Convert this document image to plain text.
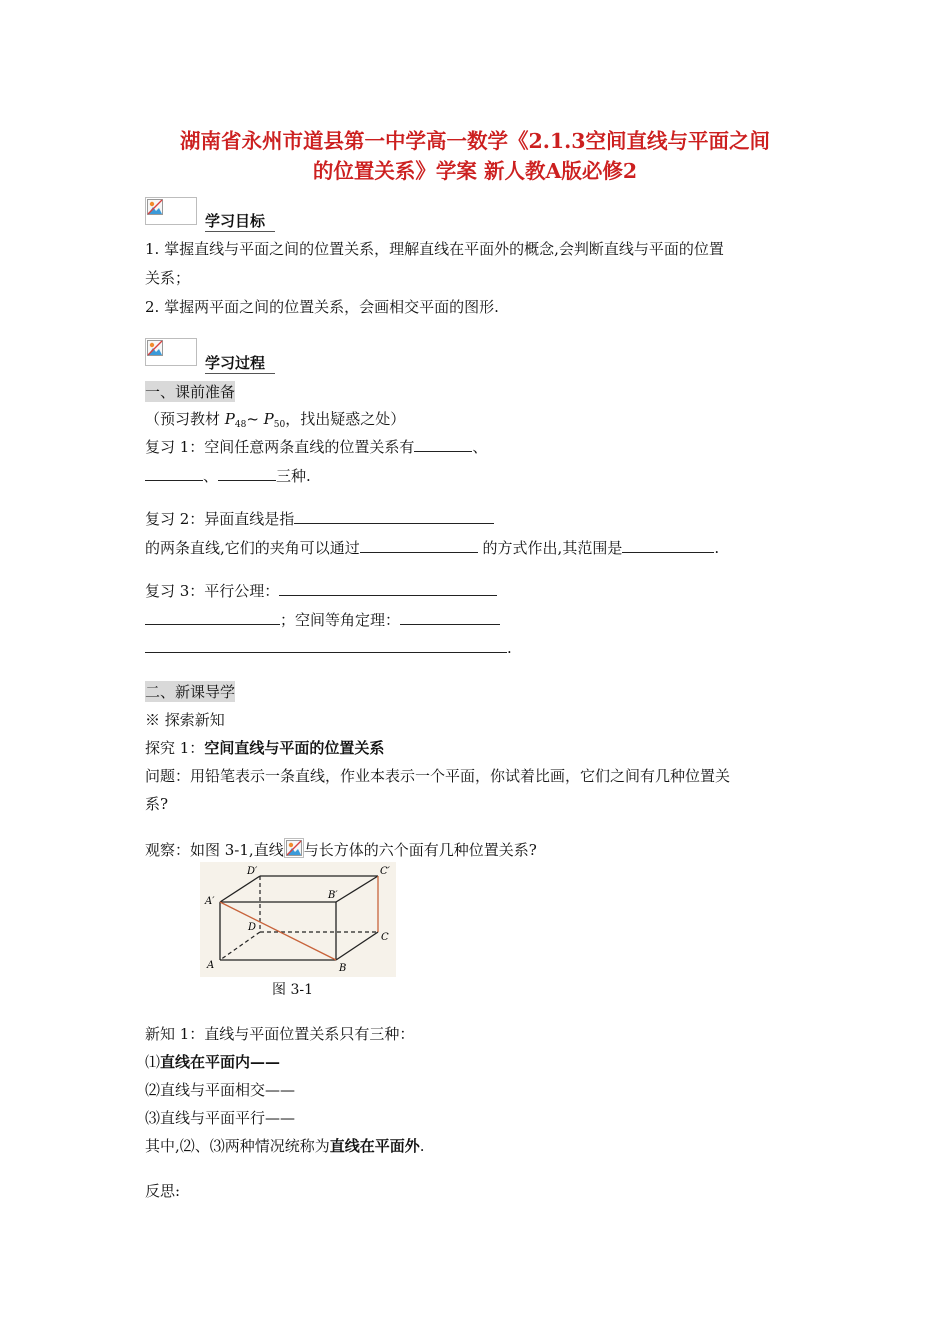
湖南省永州市道县第一中学高一数学《2.1.3空间直线与平面之间
的位置关系》学案 新人教A版必修2
学习目标
1. 掌握直线与平面之间的位置关系，理解直线在平面外的概念,会判断直线与平面的位置
关系；
2. 掌握两平面之间的位置关系，会画相交平面的图形.
学习过程
一、课前准备
（预习教材 $P_{48}\sim$ $P_{50}$，找出疑惑之处）
复习 1：空间任意两条直线的位置关系有	、
、	三种.
复习 2：异面直线是指
的两条直线,它们的夹角可以通过	的方式作出,其范围是	.
复习 3：平行公理：
；空间等角定理：
.
二、新课导学
※ 探索新知
探究 1：空间直线与平面的位置关系
问题：用铅笔表示一条直线，作业本表示一个平面，你试着比画，它们之间有几种位置关
系?
观察：如图 3-1,直线 与长方体的六个面有几种位置关系?
D′	C′
A′
B′
D
C
A	B
图 3-1
新知 1：直线与平面位置关系只有三种：
⑴直线在平面内——
⑵直线与平面相交——
⑶直线与平面平行——
其中,⑵、⑶两种情况统称为直线在平面外.
反思:
